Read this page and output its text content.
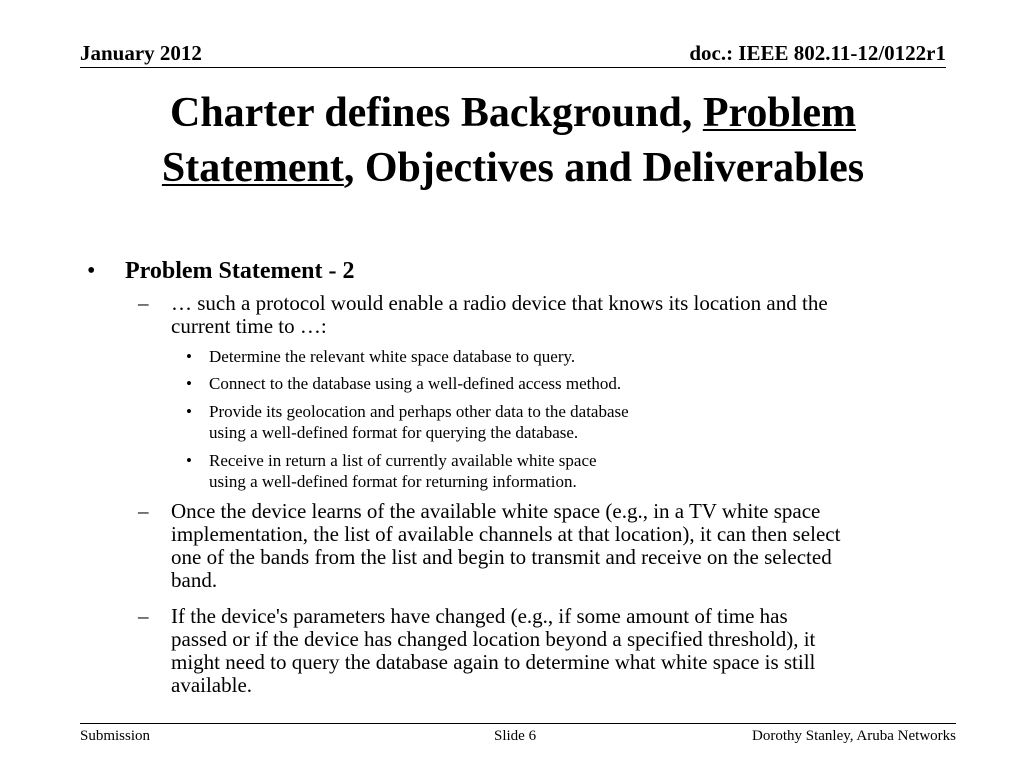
January 2012	doc.: IEEE 802.11-12/0122r1
Charter defines Background, Problem
Statement, Objectives and Deliverables
• Problem Statement - 2
– … such a protocol would enable a radio device that knows its location and the
current time to …:
• Determine the relevant white space database to query.
• Connect to the database using a well-defined access method.
• Provide its geolocation and perhaps other data to the database
using a well-defined format for querying the database.
• Receive in return a list of currently available white space
using a well-defined format for returning information.
– Once the device learns of the available white space (e.g., in a TV white space
implementation, the list of available channels at that location), it can then select
one of the bands from the list and begin to transmit and receive on the selected
band.
– If the device's parameters have changed (e.g., if some amount of time has
passed or if the device has changed location beyond a specified threshold), it
might need to query the database again to determine what white space is still
available.
Submission	Slide 6	Dorothy Stanley, Aruba Networks
